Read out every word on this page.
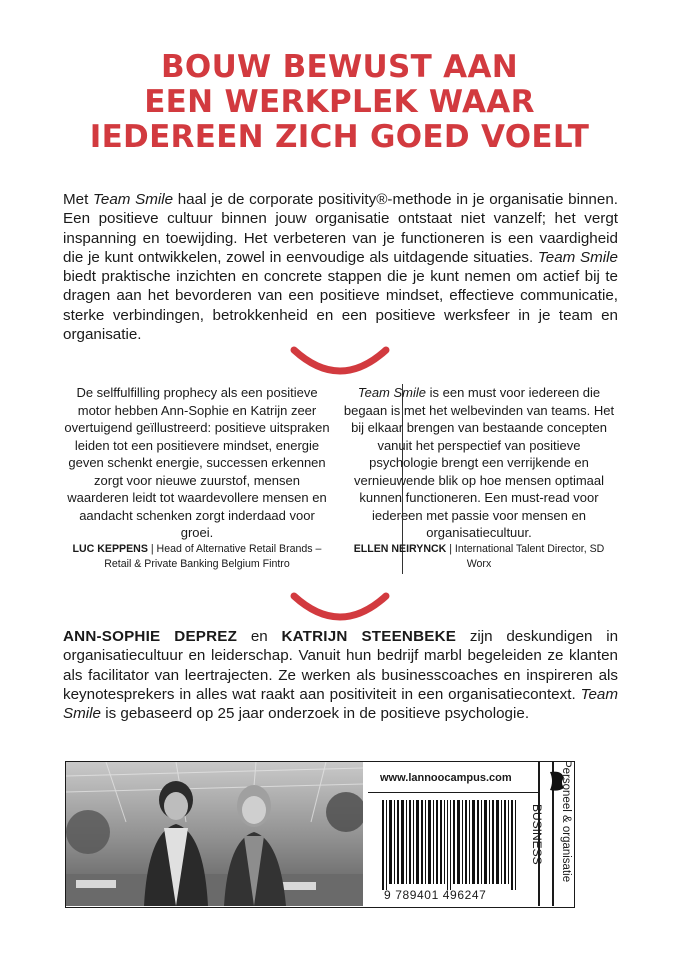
BOUW BEWUST AAN
EEN WERKPLEK WAAR
IEDEREEN ZICH GOED VOELT

Met Team Smile haal je de corporate positivity®-methode in je organisatie binnen. Een positieve cultuur binnen jouw organisatie ontstaat niet vanzelf; het vergt inspanning en toewijding. Het verbeteren van je functioneren is een vaardigheid die je kunt ontwikkelen, zowel in eenvoudige als uitdagende situaties. Team Smile biedt praktische inzichten en concrete stappen die je kunt nemen om actief bij te dragen aan het bevorderen van een positieve mindset, effectieve communicatie, sterke verbindingen, betrokkenheid en een positieve werksfeer in je team en organisatie.

De selffulfilling prophecy als een positieve motor hebben Ann-Sophie en Katrijn zeer overtuigend geïllustreerd: positieve uitspraken leiden tot een positievere mindset, energie geven schenkt energie, successen erkennen zorgt voor nieuwe zuurstof, mensen waarderen leidt tot waardevollere mensen en aandacht schenken zorgt inderdaad voor groei.
LUC KEPPENS | Head of Alternative Retail Brands – Retail & Private Banking Belgium Fintro
Team Smile is een must voor iedereen die begaan is met het welbevinden van teams. Het bij elkaar brengen van bestaande concepten vanuit het perspectief van positieve psychologie brengt een verrijkende en vernieuwende blik op hoe mensen optimaal kunnen functioneren. Een must-read voor iedereen met passie voor mensen en organisatiecultuur.
ELLEN NEIRYNCK | International Talent Director, SD Worx

ANN-SOPHIE DEPREZ en KATRIJN STEENBEKE zijn deskundigen in organisatiecultuur en leiderschap. Vanuit hun bedrijf marbl begeleiden ze klanten als facilitator van leertrajecten. Ze werken als businesscoaches en inspireren als keynotesprekers in alles wat raakt aan positiviteit in een organisatiecontext. Team Smile is gebaseerd op 25 jaar onderzoek in de positieve psychologie.

www.lannoocampus.com
9 789401 496247
BUSINESS Personeel & organisatie
